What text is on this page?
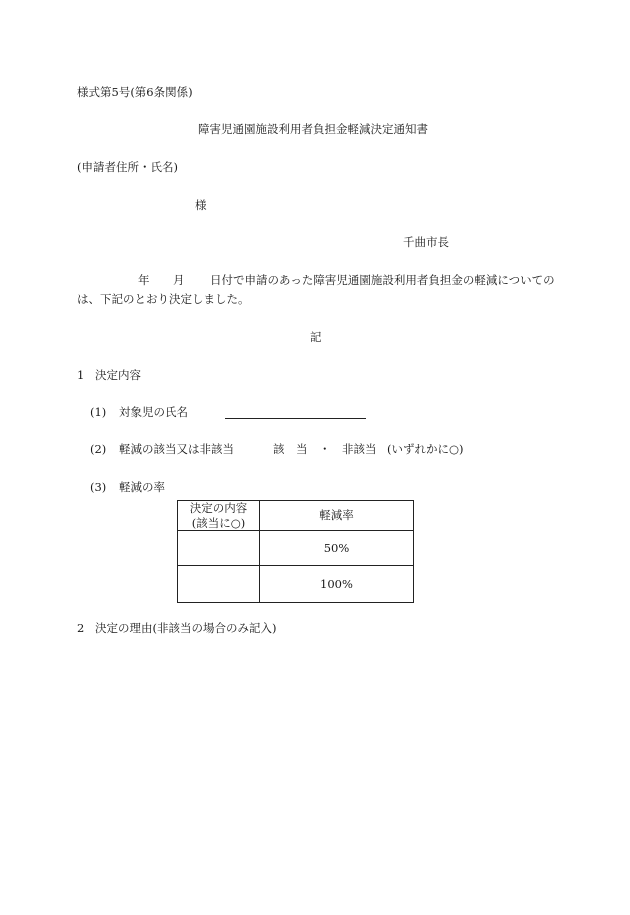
様式第5号(第6条関係)
障害児通園施設利用者負担金軽減決定通知書
(申請者住所・氏名)
様
千曲市長
年 月 日付で申請のあった障害児通園施設利用者負担金の軽減についての
は、下記のとおり決定しました。
記
1 決定内容
(1) 対象児の氏名
(2) 軽減の該当又は非該当	該　当　・　非該当 (いずれかに○)
(3) 軽減の率
決定の内容
(該当に○)	軽減率
	50%
	100%
2 決定の理由(非該当の場合のみ記入)
